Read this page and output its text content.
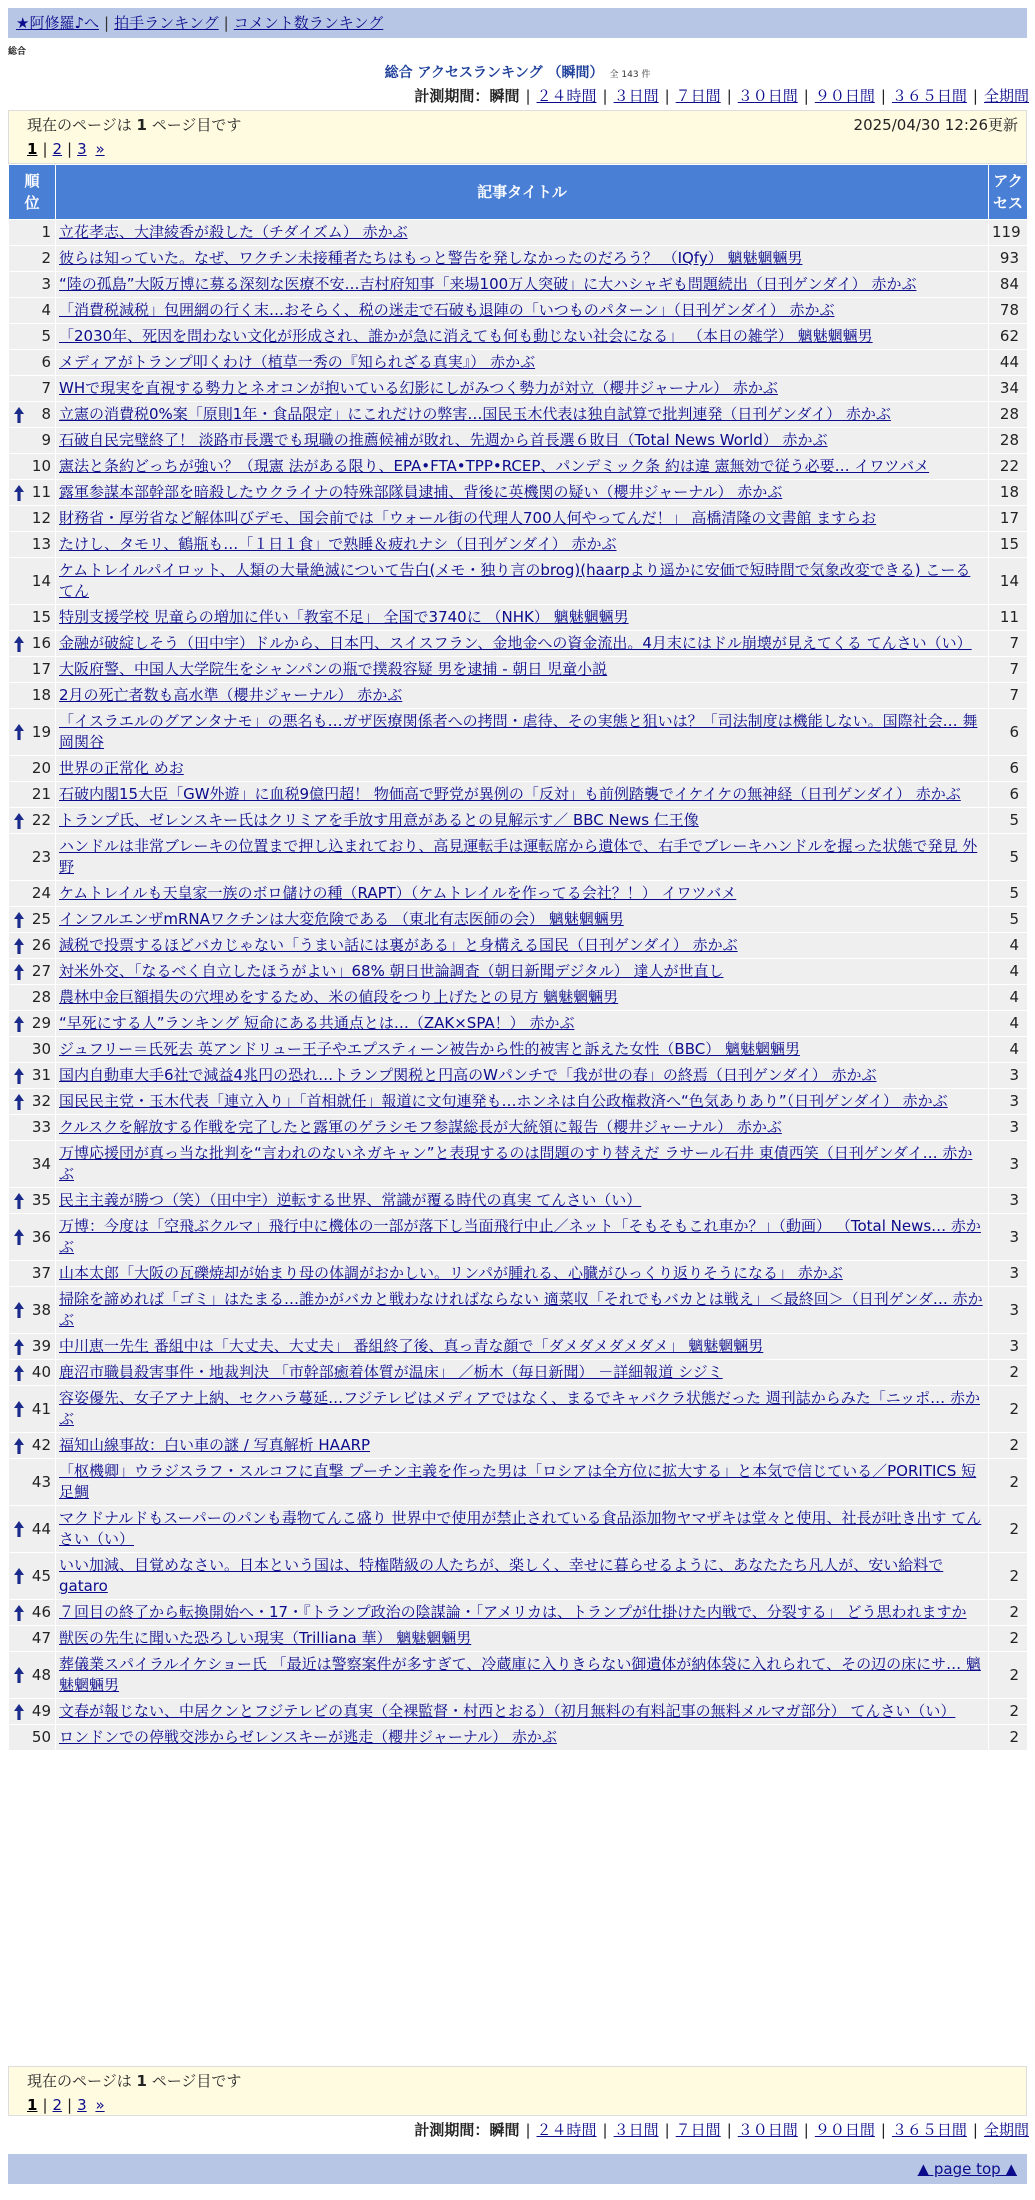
★阿修羅♪へ | 拍手ランキング | コメント数ランキング
総合
総合 アクセスランキング （瞬間） 全 143 件
計測期間：瞬間 | ２４時間 | ３日間 | ７日間 | ３０日間 | ９０日間 | ３６５日間 | 全期間
現在のページは 1 ページ目です	2025/04/30 12:26更新
1 | 2 | 3 »
順位	記事タイトル	アクセス
1	立花孝志、大津綾香が殺した（チダイズム） 赤かぶ	119
2	彼らは知っていた。なぜ、ワクチン未接種者たちはもっと警告を発しなかったのだろう？ （IQfy） 魑魅魍魎男	93
3	“陸の孤島”大阪万博に募る深刻な医療不安…吉村府知事「来場100万人突破」に大ハシャギも問題続出（日刊ゲンダイ） 赤かぶ	84
4	「消費税減税」包囲網の行く末…おそらく、税の迷走で石破も退陣の「いつものパターン」（日刊ゲンダイ） 赤かぶ	78
5	「2030年、死因を問わない文化が形成され、誰かが急に消えても何も動じない社会になる」 （本日の雑学） 魑魅魍魎男	62
6	メディアがトランプ叩くわけ（植草一秀の『知られざる真実』） 赤かぶ	44
7	WHで現実を直視する勢力とネオコンが抱いている幻影にしがみつく勢力が対立（櫻井ジャーナル） 赤かぶ	34

8	立憲の消費税0%案「原則1年・食品限定」にこれだけの弊害…国民玉木代表は独自試算で批判連発（日刊ゲンダイ） 赤かぶ	28
9	石破自民完璧終了！ 淡路市長選でも現職の推薦候補が敗れ、先週から首長選６敗目（Total News World） 赤かぶ	28
10	憲法と条約どっちが強い？（現憲 法がある限り、EPA•FTA•TPP•RCEP、パンデミック条 約は違 憲無効で従う必要… イワツバメ	22

11	露軍参謀本部幹部を暗殺したウクライナの特殊部隊員逮捕、背後に英機関の疑い（櫻井ジャーナル） 赤かぶ	18
12	財務省・厚労省など解体叫びデモ、国会前では「ウォール街の代理人700人何やってんだ！」 高橋清隆の文書館 ますらお	17
13	たけし、タモリ、鶴瓶も…「１日１食」で熟睡＆疲れナシ（日刊ゲンダイ） 赤かぶ	15
14	ケムトレイルパイロット、人類の大量絶滅について告白(メモ・独り言のbrog)(haarpより遥かに安価で短時間で気象改変できる) こーるてん	14
15	特別支援学校 児童らの増加に伴い「教室不足」 全国で3740に （NHK） 魑魅魍魎男	11

16	金融が破綻しそう（田中宇）ドルから、日本円、スイスフラン、金地金への資金流出。4月末にはドル崩壊が見えてくる てんさい（い）	7
17	大阪府警、中国人大学院生をシャンパンの瓶で撲殺容疑 男を逮捕 - 朝日 児童小説	7
18	2月の死亡者数も高水準（櫻井ジャーナル） 赤かぶ	7

19	「イスラエルのグアンタナモ」の悪名も…ガザ医療関係者への拷問・虐待、その実態と狙いは？「司法制度は機能しない。国際社会… 舞岡関谷	6
20	世界の正常化 めお	6
21	石破内閣15大臣「GW外遊」に血税9億円超！ 物価高で野党が異例の「反対」も前例踏襲でイケイケの無神経（日刊ゲンダイ） 赤かぶ	6

22	トランプ氏、ゼレンスキー氏はクリミアを手放す用意があるとの見解示す／ BBC News 仁王像	5
23	ハンドルは非常ブレーキの位置まで押し込まれており、高見運転手は運転席から遺体で、右手でブレーキハンドルを握った状態で発見 外野	5
24	ケムトレイルも天皇家一族のボロ儲けの種（RAPT）（ケムトレイルを作ってる会社？！） イワツバメ	5

25	インフルエンザmRNAワクチンは大変危険である （東北有志医師の会） 魑魅魍魎男	5

26	減税で投票するほどバカじゃない「うまい話には裏がある」と身構える国民（日刊ゲンダイ） 赤かぶ	4

27	対米外交、「なるべく自立したほうがよい」68% 朝日世論調査（朝日新聞デジタル） 達人が世直し	4
28	農林中金巨額損失の穴埋めをするため、米の値段をつり上げたとの見方 魑魅魍魎男	4

29	“早死にする人”ランキング 短命にある共通点とは…（ZAK×SPA！） 赤かぶ	4
30	ジュフリー＝氏死去 英アンドリュー王子やエプスティーン被告から性的被害と訴えた女性（BBC） 魑魅魍魎男	4

31	国内自動車大手6社で減益4兆円の恐れ…トランプ関税と円高のWパンチで「我が世の春」の終焉（日刊ゲンダイ） 赤かぶ	3

32	国民民主党・玉木代表「連立入り」「首相就任」報道に文句連発も…ホンネは自公政権救済へ“色気ありあり”（日刊ゲンダイ） 赤かぶ	3
33	クルスクを解放する作戦を完了したと露軍のゲラシモフ参謀総長が大統領に報告（櫻井ジャーナル） 赤かぶ	3
34	万博応援団が真っ当な批判を“言われのないネガキャン”と表現するのは問題のすり替えだ ラサール石井 東債西笑（日刊ゲンダイ… 赤かぶ	3

35	民主主義が勝つ（笑）（田中宇）逆転する世界、常識が覆る時代の真実 てんさい（い）	3

36	万博：今度は「空飛ぶクルマ」飛行中に機体の一部が落下し当面飛行中止／ネット「そもそもこれ車か？」（動画） （Total News… 赤かぶ	3
37	山本太郎「大阪の瓦礫焼却が始まり母の体調がおかしい。リンパが腫れる、心臓がひっくり返りそうになる」 赤かぶ	3

38	掃除を諦めれば「ゴミ」はたまる…誰かがバカと戦わなければならない 適菜収「それでもバカとは戦え」＜最終回＞（日刊ゲンダ… 赤かぶ	3

39	中川恵一先生 番組中は「大丈夫、大丈夫」 番組終了後、真っ青な顔で「ダメダメダメダメ」 魑魅魍魎男	3

40	鹿沼市職員殺害事件・地裁判決 「市幹部癒着体質が温床」 ／栃木（毎日新聞） －詳細報道 シジミ	2

41	容姿優先、女子アナ上納、セクハラ蔓延…フジテレビはメディアではなく、まるでキャバクラ状態だった 週刊誌からみた「ニッポ… 赤かぶ	2

42	福知山線事故：白い車の謎 / 写真解析 HAARP	2
43	「枢機卿」ウラジスラフ・スルコフに直撃 プーチン主義を作った男は「ロシアは全方位に拡大する」と本気で信じている／PORITICS 短足鯛	2

44	マクドナルドもスーパーのパンも毒物てんこ盛り 世界中で使用が禁止されている食品添加物ヤマザキは堂々と使用、社長が吐き出す てんさい（い）	2

45	いい加減、目覚めなさい。日本という国は、特権階級の人たちが、楽しく、幸せに暮らせるように、あなたたち凡人が、安い給料で gataro	2

46	７回目の終了から転換開始へ・17・『トランプ政治の陰謀論・「アメリカは、トランプが仕掛けた内戦で、分裂する」 どう思われますか	2
47	獣医の先生に聞いた恐ろしい現実（Trilliana 華） 魑魅魍魎男	2

48	葬儀業スパイラルイケショー氏 「最近は警察案件が多すぎて、冷蔵庫に入りきらない御遺体が納体袋に入れられて、その辺の床にサ… 魑魅魍魎男	2

49	文春が報じない、中居クンとフジテレビの真実（全裸監督・村西とおる）（初月無料の有料記事の無料メルマガ部分） てんさい（い）	2
50	ロンドンでの停戦交渉からゼレンスキーが逃走（櫻井ジャーナル） 赤かぶ	2
現在のページは 1 ページ目です
1 | 2 | 3 »
計測期間：瞬間 | ２４時間 | ３日間 | ７日間 | ３０日間 | ９０日間 | ３６５日間 | 全期間
▲ page top ▲
